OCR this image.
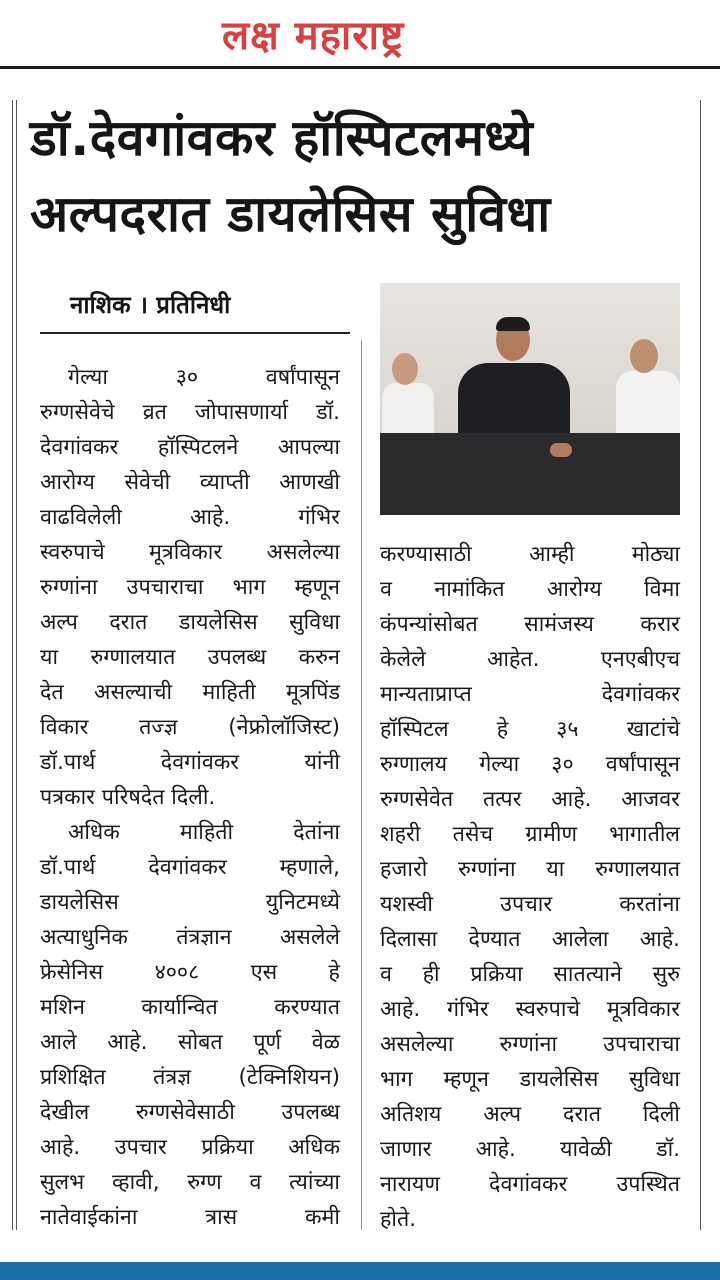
लक्ष महाराष्ट्र
डॉ.देवगांवकर हॉस्पिटलमध्ये
अल्पदरात डायलेसिस सुविधा
नाशिक । प्रतिनिधी
गेल्या	३०	वर्षांपासून
रुग्णसेवेचे व्रत जोपासणार्या डॉ.
देवगांवकर हॉस्पिटलने आपल्या
आरोग्य सेवेची व्याप्ती आणखी
वाढविलेली	आहे.	गंभिर
स्वरुपाचे मूत्रविकार असलेल्या
रुग्णांना उपचाराचा भाग म्हणून
अल्प दरात डायलेसिस सुविधा
या रुग्णालयात उपलब्ध करुन
देत असल्याची माहिती मूत्रपिंड
विकार तज्ज्ञ (नेफ्रोलॉजिस्ट)
डॉ.पार्थ	देवगांवकर	यांनी
पत्रकार परिषदेत दिली.
अधिक	माहिती	देतांना
डॉ.पार्थ देवगांवकर म्हणाले,
डायलेसिस	युनिटमध्ये
अत्याधुनिक तंत्रज्ञान असलेले
फ्रेसेनिस ४००८ एस हे
मशिन	कार्यान्वित	करण्यात
आले आहे. सोबत पूर्ण वेळ
प्रशिक्षित तंत्रज्ञ (टेक्निशियन)
देखील रुग्णसेवेसाठी उपलब्ध
आहे. उपचार प्रक्रिया अधिक
सुलभ व्हावी, रुग्ण व त्यांच्या
नातेवाईकांना	त्रास	कमी
करण्यासाठी	आम्ही	मोठ्या
व नामांकित आरोग्य विमा
कंपन्यांसोबत सामंजस्य करार
केलेले	आहेत.	एनएबीएच
मान्यताप्राप्त	देवगांवकर
हॉस्पिटल हे ३५ खाटांचे
रुग्णालय गेल्या ३० वर्षांपासून
रुग्णसेवेत तत्पर आहे. आजवर
शहरी तसेच ग्रामीण भागातील
हजारो रुग्णांना या रुग्णालयात
यशस्वी	उपचार	करतांना
दिलासा देण्यात आलेला आहे.
व ही प्रक्रिया सातत्याने सुरु
आहे. गंभिर स्वरुपाचे मूत्रविकार
असलेल्या रुग्णांना उपचाराचा
भाग म्हणून डायलेसिस सुविधा
अतिशय अल्प दरात दिली
जाणार आहे. यावेळी डॉ.
नारायण देवगांवकर उपस्थित
होते.
